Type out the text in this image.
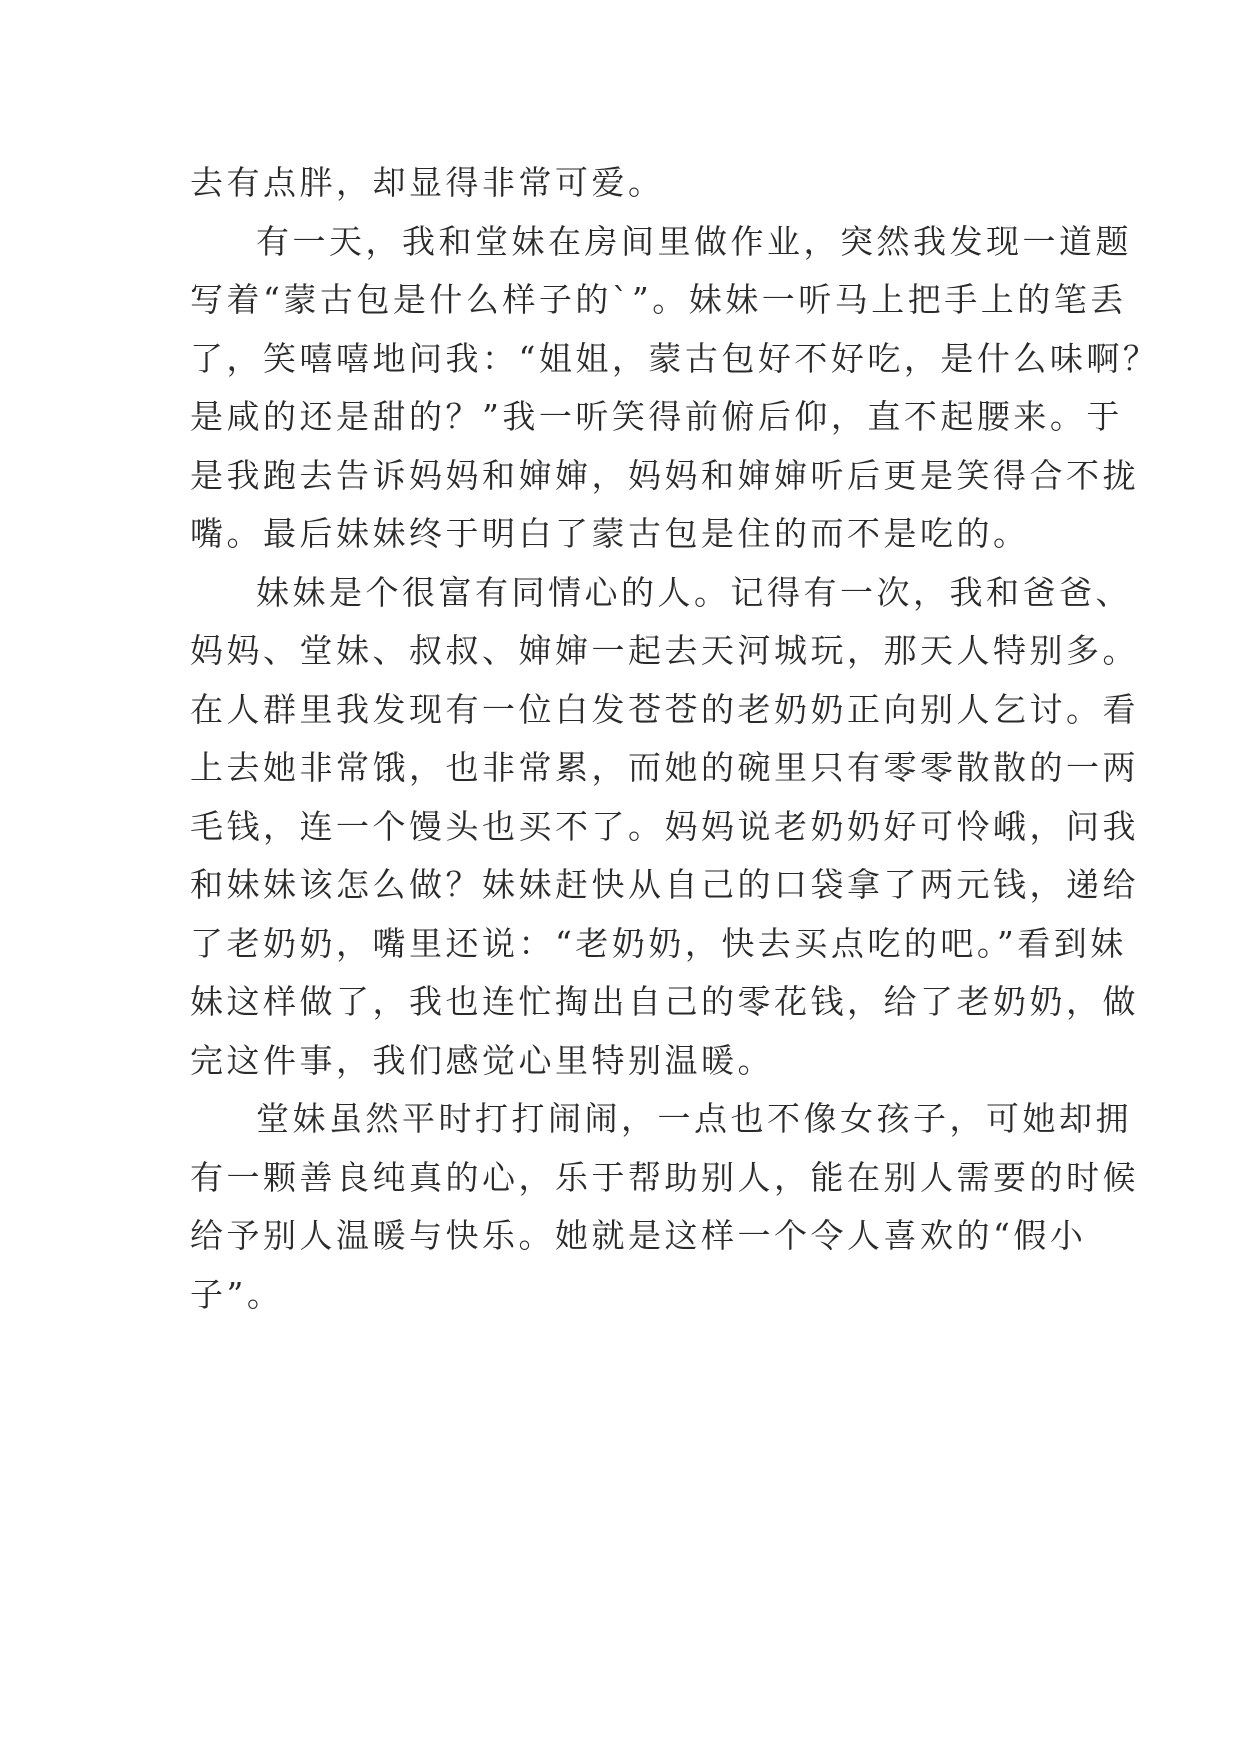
去有点胖，却显得非常可爱。
有一天，我和堂妹在房间里做作业，突然我发现一道题
写着“蒙古包是什么样子的`”。妹妹一听马上把手上的笔丢
了，笑嘻嘻地问我：“姐姐，蒙古包好不好吃，是什么味啊？
是咸的还是甜的？”我一听笑得前俯后仰，直不起腰来。于
是我跑去告诉妈妈和婶婶，妈妈和婶婶听后更是笑得合不拢
嘴。最后妹妹终于明白了蒙古包是住的而不是吃的。
妹妹是个很富有同情心的人。记得有一次，我和爸爸、
妈妈、堂妹、叔叔、婶婶一起去天河城玩，那天人特别多。
在人群里我发现有一位白发苍苍的老奶奶正向别人乞讨。看
上去她非常饿，也非常累，而她的碗里只有零零散散的一两
毛钱，连一个馒头也买不了。妈妈说老奶奶好可怜峨，问我
和妹妹该怎么做？妹妹赶快从自己的口袋拿了两元钱，递给
了老奶奶，嘴里还说：“老奶奶，快去买点吃的吧。”看到妹
妹这样做了，我也连忙掏出自己的零花钱，给了老奶奶，做
完这件事，我们感觉心里特别温暖。
堂妹虽然平时打打闹闹，一点也不像女孩子，可她却拥
有一颗善良纯真的心，乐于帮助别人，能在别人需要的时候
给予别人温暖与快乐。她就是这样一个令人喜欢的“假小
子”。
